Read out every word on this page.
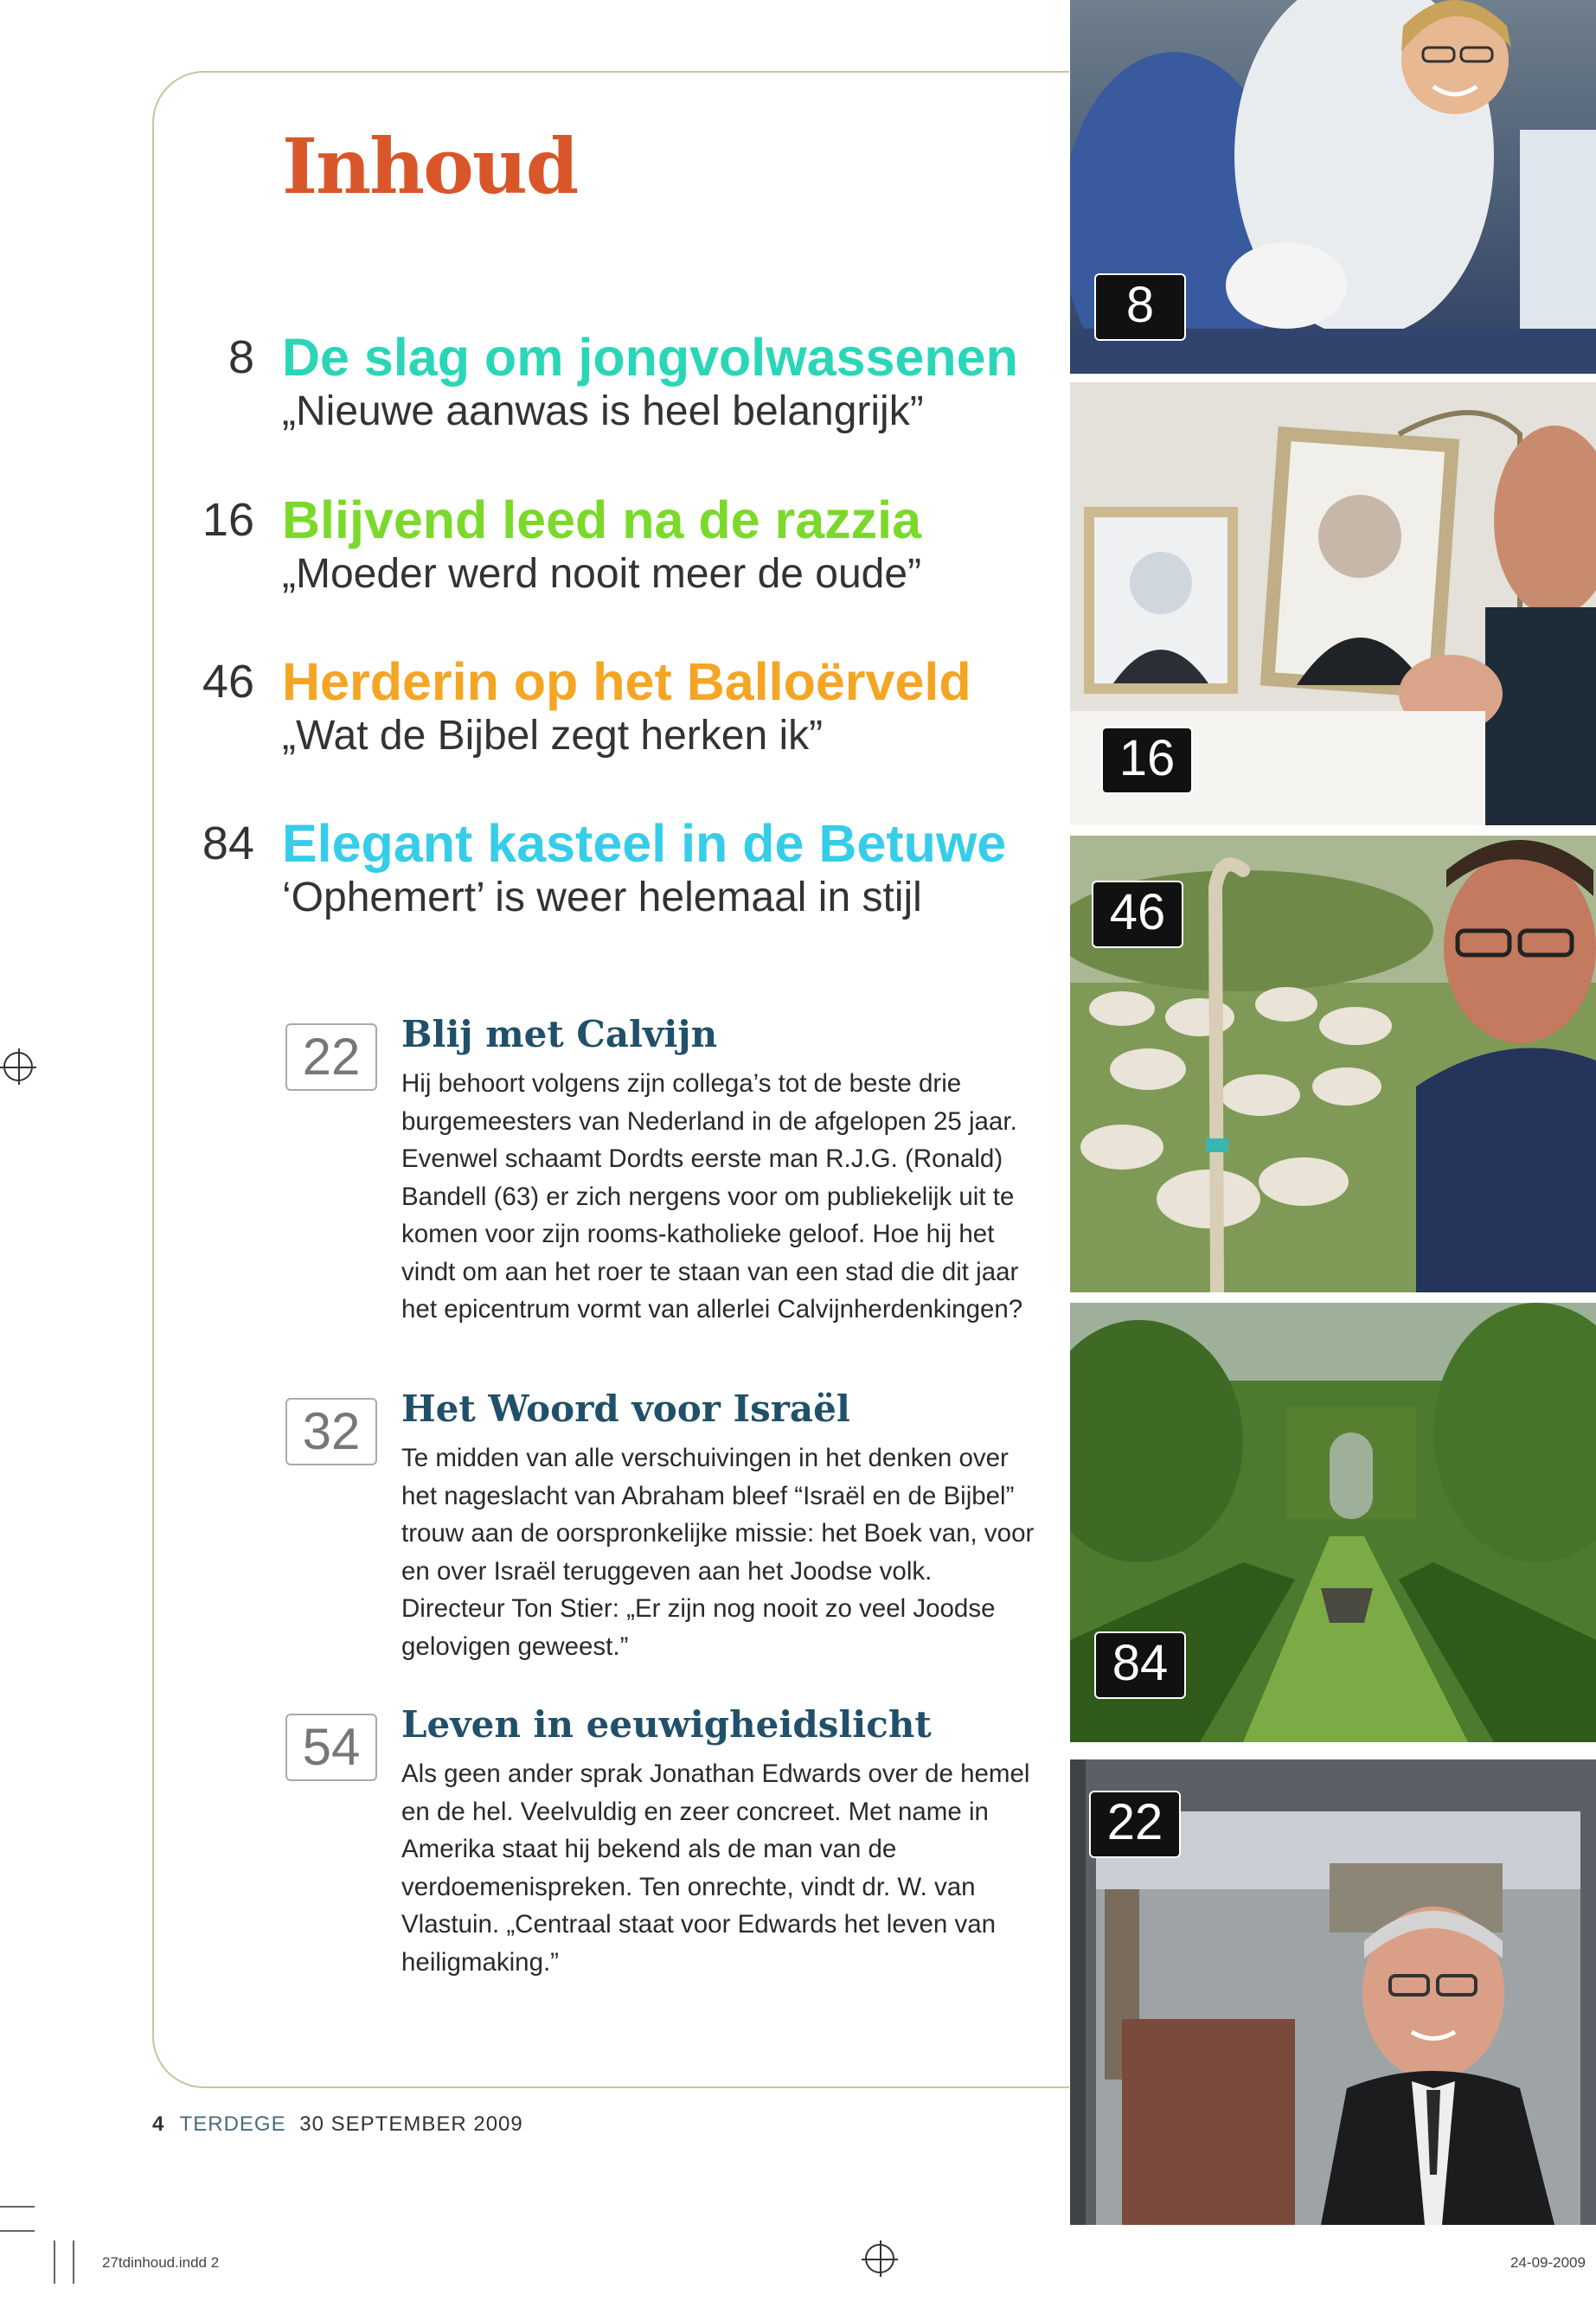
Inhoud
8 De slag om jongvolwassenen
„Nieuwe aanwas is heel belangrijk”
16 Blijvend leed na de razzia
„Moeder werd nooit meer de oude”
46 Herderin op het Balloërveld
„Wat de Bijbel zegt herken ik”
84 Elegant kasteel in de Betuwe
‘Ophemert’ is weer helemaal in stijl
22	Blij met Calvijn
Hij behoort volgens zijn collega’s tot de beste drie burgemeesters van Nederland in de afgelopen 25 jaar. Evenwel schaamt Dordts eerste man R.J.G. (Ronald) Bandell (63) er zich nergens voor om publiekelijk uit te komen voor zijn rooms-katholieke geloof. Hoe hij het vindt om aan het roer te staan van een stad die dit jaar het epicentrum vormt van allerlei Calvijnherdenkingen?
32	Het Woord voor Israël
Te midden van alle verschuivingen in het denken over het nageslacht van Abraham bleef “Israël en de Bijbel” trouw aan de oorspronkelijke missie: het Boek van, voor en over Israël teruggeven aan het Joodse volk. Directeur Ton Stier: „Er zijn nog nooit zo veel Joodse gelovigen geweest.”
54	Leven in eeuwigheidslicht
Als geen ander sprak Jonathan Edwards over de hemel en de hel. Veelvuldig en zeer concreet. Met name in Amerika staat hij bekend als de man van de verdoemenispreken. Ten onrechte, vindt dr. W. van Vlastuin. „Centraal staat voor Edwards het leven van heiligmaking.”
8
16
46
84
22
4 TERDEGE 30 SEPTEMBER 2009
27tdinhoud.indd 2	24-09-2009
